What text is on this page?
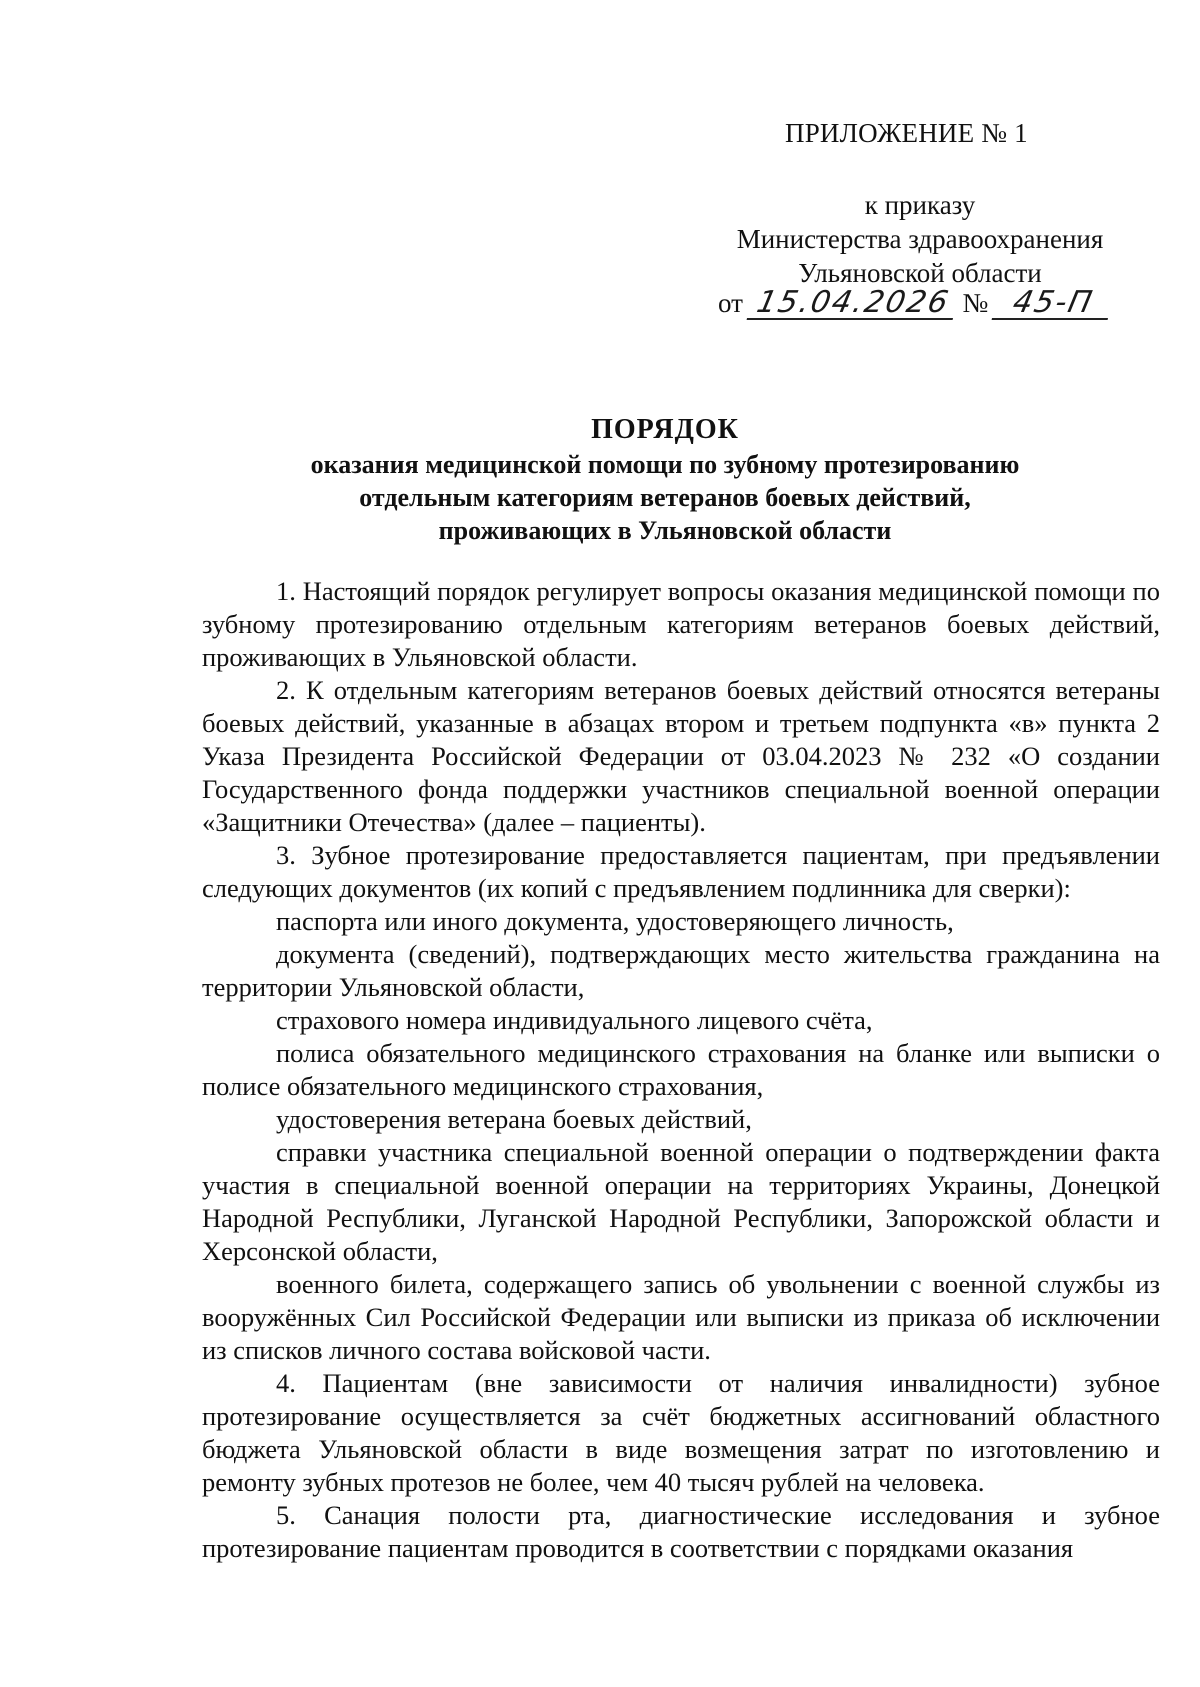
ПРИЛОЖЕНИЕ № 1
к приказу
Министерства здравоохранения
Ульяновской области
от 15.04.2026 № 45-П
ПОРЯДОК
оказания медицинской помощи по зубному протезированию
отдельным категориям ветеранов боевых действий,
проживающих в Ульяновской области

1. Настоящий порядок регулирует вопросы оказания медицинской помощи по зубному протезированию отдельным категориям ветеранов боевых действий, проживающих в Ульяновской области.

2. К отдельным категориям ветеранов боевых действий относятся ветераны боевых действий, указанные в абзацах втором и третьем подпункта «в» пункта 2 Указа Президента Российской Федерации от 03.04.2023 № 232 «О создании Государственного фонда поддержки участников специальной военной операции «Защитники Отечества» (далее – пациенты).

3. Зубное протезирование предоставляется пациентам, при предъявлении следующих документов (их копий с предъявлением подлинника для сверки):

паспорта или иного документа, удостоверяющего личность,

документа (сведений), подтверждающих место жительства гражданина на территории Ульяновской области,

страхового номера индивидуального лицевого счёта,

полиса обязательного медицинского страхования на бланке или выписки о полисе обязательного медицинского страхования,

удостоверения ветерана боевых действий,

справки участника специальной военной операции о подтверждении факта участия в специальной военной операции на территориях Украины, Донецкой Народной Республики, Луганской Народной Республики, Запорожской области и Херсонской области,

военного билета, содержащего запись об увольнении с военной службы из вооружённых Сил Российской Федерации или выписки из приказа об исключении из списков личного состава войсковой части.

4. Пациентам (вне зависимости от наличия инвалидности) зубное протезирование осуществляется за счёт бюджетных ассигнований областного бюджета Ульяновской области в виде возмещения затрат по изготовлению и ремонту зубных протезов не более, чем 40 тысяч рублей на человека.

5. Санация полости рта, диагностические исследования и зубное протезирование пациентам проводится в соответствии с порядками оказания
